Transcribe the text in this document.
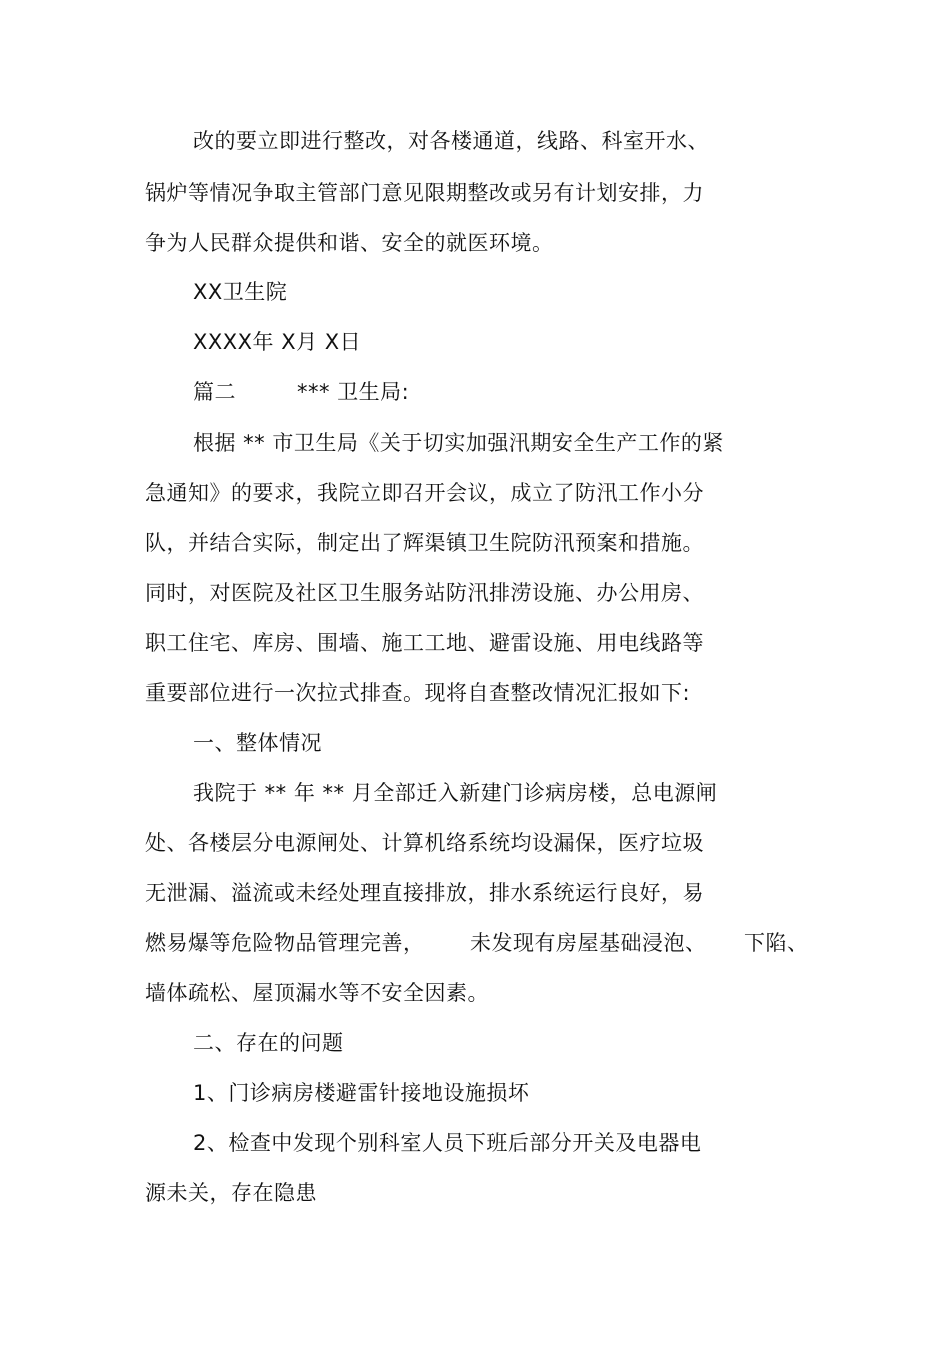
改的要立即进行整改，对各楼通道，线路、科室开水、
锅炉等情况争取主管部门意见限期整改或另有计划安排，力
争为人民群众提供和谐、安全的就医环境。
XX卫生院
XXXX年 X月 X日
篇二	*** 卫生局:
根据 ** 市卫生局《关于切实加强汛期安全生产工作的紧
急通知》的要求，我院立即召开会议，成立了防汛工作小分
队，并结合实际，制定出了辉渠镇卫生院防汛预案和措施。
同时，对医院及社区卫生服务站防汛排涝设施、办公用房、
职工住宅、库房、围墙、施工工地、避雷设施、用电线路等
重要部位进行一次拉式排查。现将自查整改情况汇报如下:
一、整体情况
我院于 ** 年 ** 月全部迁入新建门诊病房楼，总电源闸
处、各楼层分电源闸处、计算机络系统均设漏保，医疗垃圾
无泄漏、溢流或未经处理直接排放，排水系统运行良好，易
燃易爆等危险物品管理完善， 未发现有房屋基础浸泡、 下陷、
墙体疏松、屋顶漏水等不安全因素。
二、存在的问题
1、门诊病房楼避雷针接地设施损坏
2、检查中发现个别科室人员下班后部分开关及电器电
源未关，存在隐患
